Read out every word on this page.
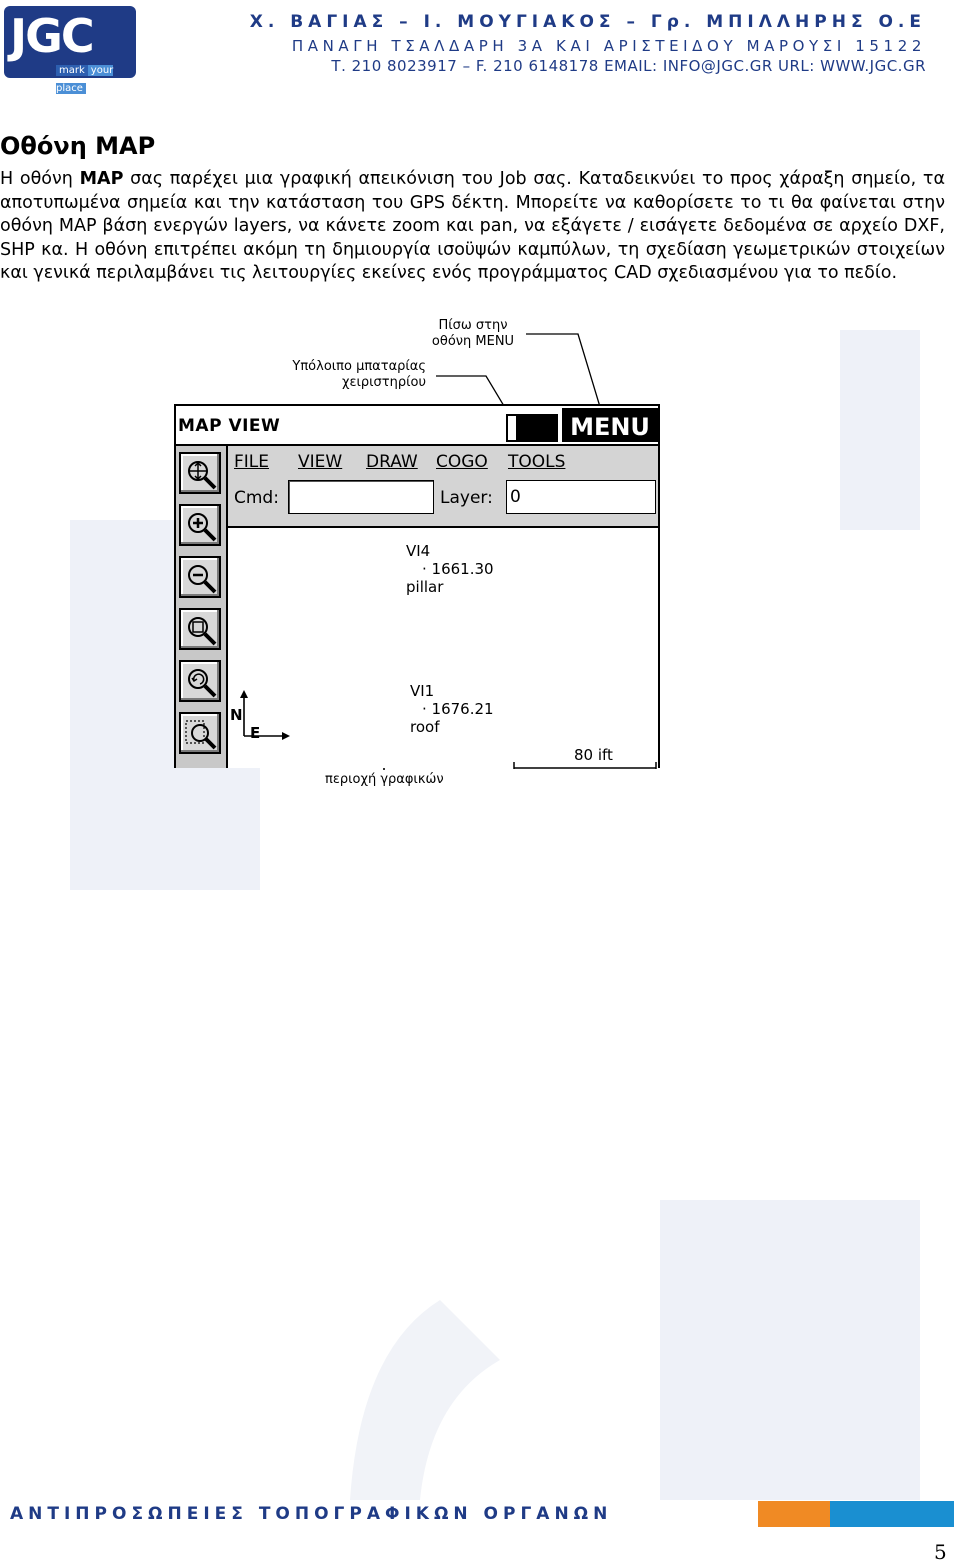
JGC
mark your place
Χ. ΒΑΓΙΑΣ – Ι. ΜΟΥΓΙΑΚΟΣ – Γρ. ΜΠΙΛΛΗΡΗΣ Ο.Ε
ΠΑΝΑΓΗ ΤΣΑΛΔΑΡΗ 3Α ΚΑΙ ΑΡΙΣΤΕΙΔΟΥ ΜΑΡΟΥΣΙ 15122
Τ. 210 8023917 – F. 210 6148178 EMAIL: INFO@JGC.GR URL: WWW.JGC.GR
Οθόνη MAP
Η οθόνη MAP σας παρέχει μια γραφική απεικόνιση του Job σας. Καταδεικνύει το προς χάραξη σημείο, τα αποτυπωμένα σημεία και την κατάσταση του GPS δέκτη. Μπορείτε να καθορίσετε το τι θα φαίνεται στην οθόνη MAP βάση ενεργών layers, να κάνετε zoom και pan, να εξάγετε / εισάγετε δεδομένα σε αρχείο DXF, SHP κα. Η οθόνη επιτρέπει ακόμη τη δημιουργία ισοϋψών καμπύλων, τη σχεδίαση γεωμετρικών στοιχείων και γενικά περιλαμβάνει τις λειτουργίες εκείνες ενός προγράμματος CAD σχεδιασμένου για το πεδίο.
Πίσω στην
οθόνη MENU
Υπόλοιπο μπαταρίας
χειριστηρίου
MAP VIEW	MENU
FILE VIEW DRAW COGO TOOLS
Cmd:	Layer: 0
VI4
· 1661.30
pillar
VI1
· 1676.21
roof
N
E
80 ift
περιοχή γραφικών
ΑΝΤΙΠΡΟΣΩΠΕΙΕΣ ΤΟΠΟΓΡΑΦΙΚΩΝ ΟΡΓΑΝΩΝ
5
